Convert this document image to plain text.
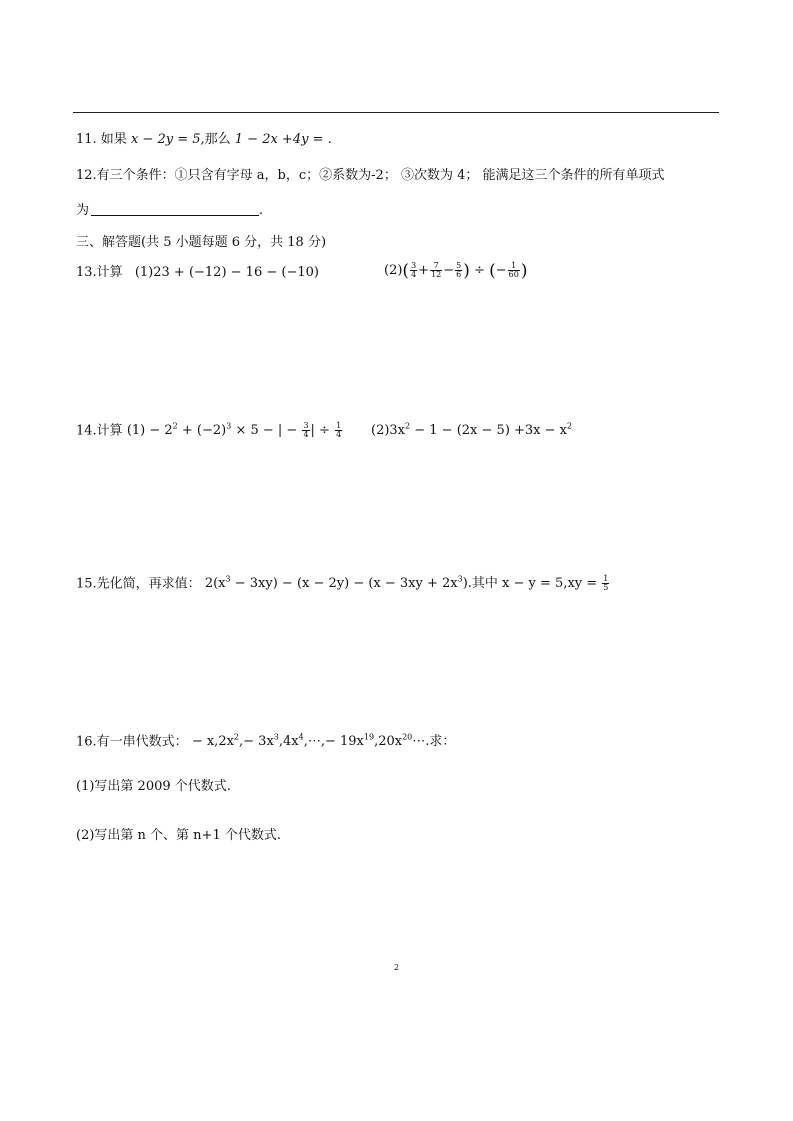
11. 如果 x − 2y = 5,那么 1 − 2x +4y = .
12.有三个条件：①只含有字母 a，b，c；②系数为-2； ③次数为 4； 能满足这三个条件的所有单项式
为	.
三、解答题(共 5 小题每题 6 分，共 18 分)
13.计算 (1)23 + (−12) − 16 − (−10)	$(2)( \frac{3}{4} + \frac{7}{12} - \frac{5}{6}$ ) ÷ (− $\frac{1}{60}$ )
14.计算 $(1) - 2^2 + (-2)^3 \times 5$ − | − $\frac{3}{4}$ | ÷ $\frac{1}{4} (2)3x^2 - 1 - (2x - 5) +3x - x^2$
15.先化简，再求值： $2(x^3 - 3xy) - (x - 2y) - (x - 3xy + 2x^3)$.其中 $x - y = 5,xy = \frac{1}{5}$
16.有一串代数式： − $x,2x^2,-$ $3x^3,4x^4,\cdots,-$ $19x^{19},20x^{20}\cdots$.求：
(1)写出第 2009 个代数式.
(2)写出第 n 个、第 n+1 个代数式.
2
